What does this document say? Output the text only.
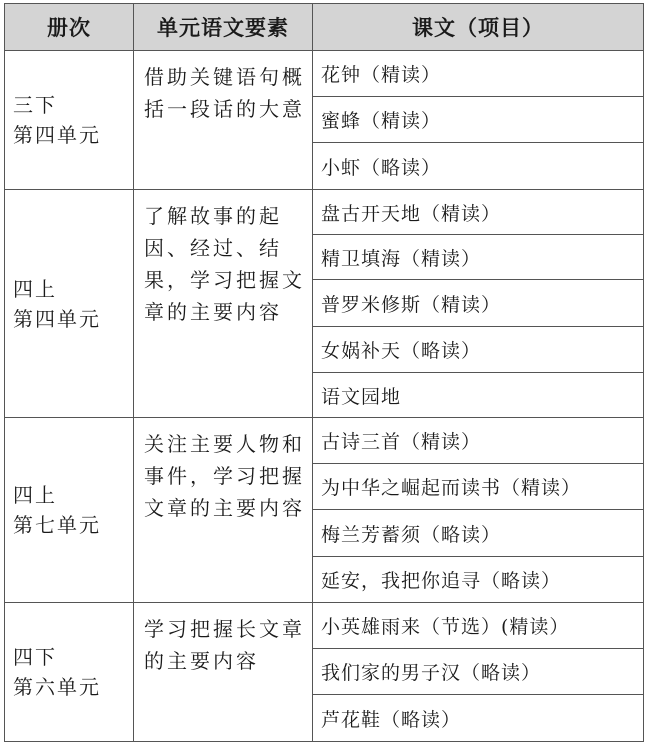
册次	单元语文要素	课文（项目）

三下
第四单元	借助关键语句概括一段话的大意	花钟（精读）
		蜜蜂（精读）
		小虾（略读）

四上
第四单元	了解故事的起因、经过、结果，学习把握文章的主要内容	盘古开天地（精读）
		精卫填海（精读）
		普罗米修斯（精读）
		女娲补天（略读）
		语文园地

四上
第七单元	关注主要人物和事件，学习把握文章的主要内容	古诗三首（精读）
		为中华之崛起而读书（精读）
		梅兰芳蓄须（略读）
		延安，我把你追寻（略读）

四下
第六单元	学习把握长文章的主要内容	小英雄雨来（节选）(精读）
		我们家的男子汉（略读）
		芦花鞋（略读）
